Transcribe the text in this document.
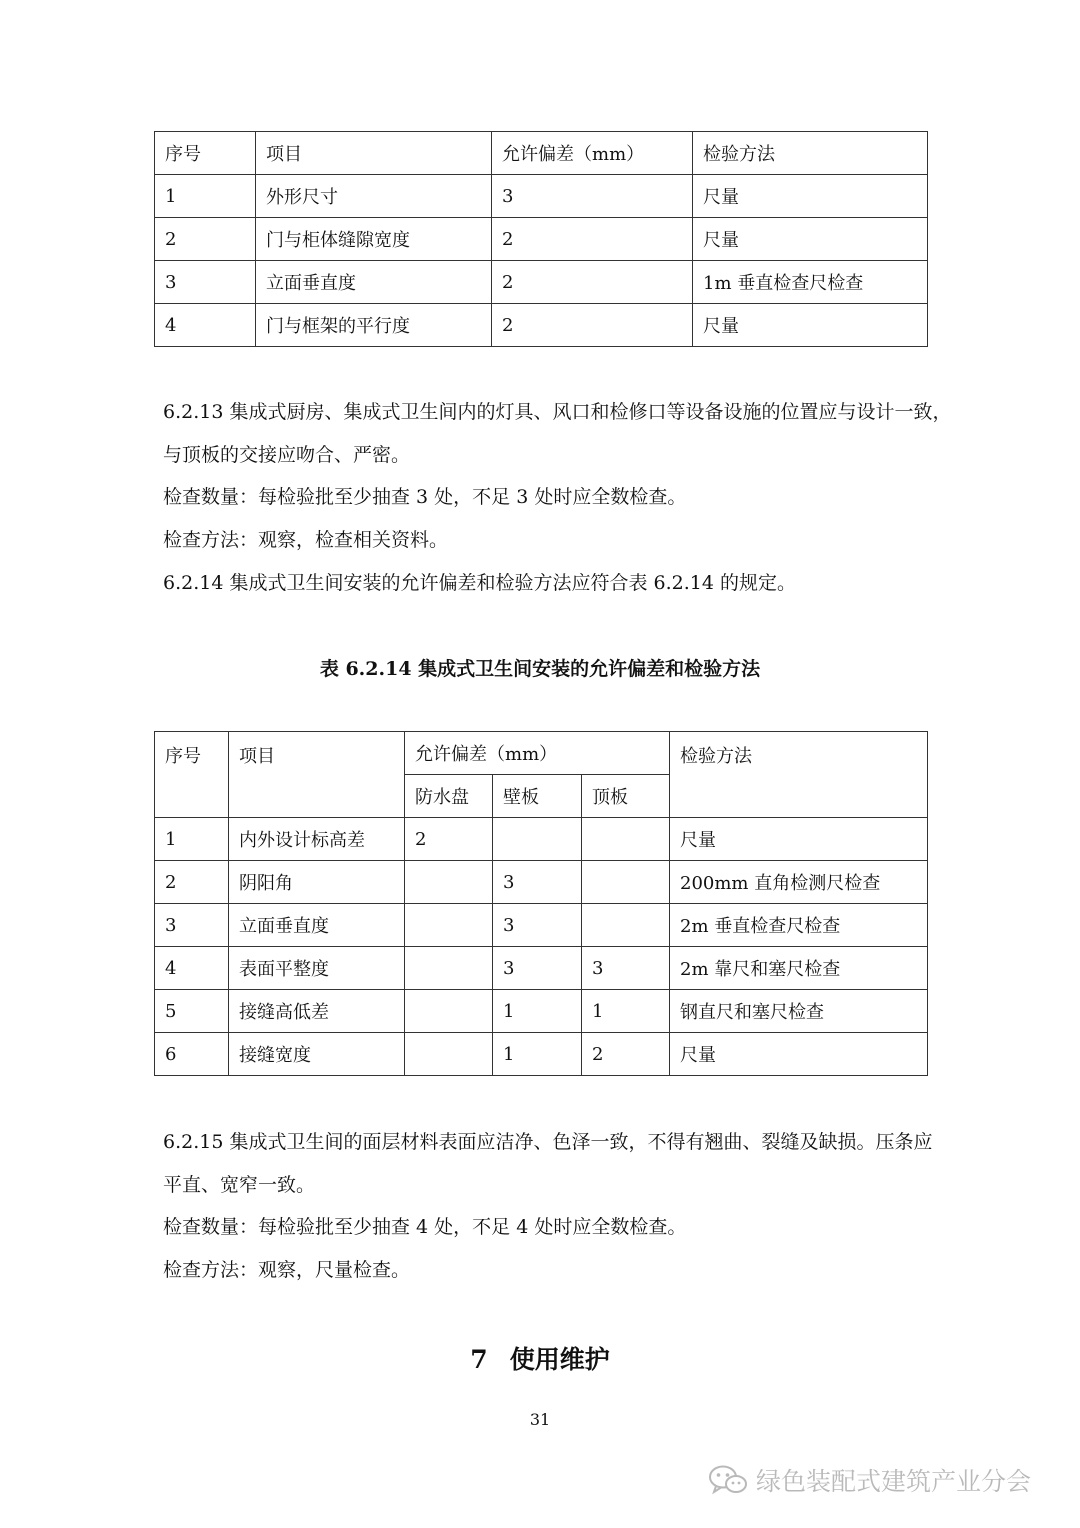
序号	项目	允许偏差（mm）	检验方法
1	外形尺寸	3	尺量
2	门与柜体缝隙宽度	2	尺量
3	立面垂直度	2	1m 垂直检查尺检查
4	门与框架的平行度	2	尺量
6.2.13 集成式厨房、集成式卫生间内的灯具、风口和检修口等设备设施的位置应与设计一致，
与顶板的交接应吻合、严密。
检查数量：每检验批至少抽查 3 处，不足 3 处时应全数检查。
检查方法：观察，检查相关资料。
6.2.14 集成式卫生间安装的允许偏差和检验方法应符合表 6.2.14 的规定。
表 6.2.14 集成式卫生间安装的允许偏差和检验方法
序号	项目	允许偏差（mm）			检验方法
		防水盘	壁板	顶板	
1	内外设计标高差	2			尺量
2	阴阳角		3		200mm 直角检测尺检查
3	立面垂直度		3		2m 垂直检查尺检查
4	表面平整度		3	3	2m 靠尺和塞尺检查
5	接缝高低差		1	1	钢直尺和塞尺检查
6	接缝宽度		1	2	尺量
6.2.15 集成式卫生间的面层材料表面应洁净、色泽一致，不得有翘曲、裂缝及缺损。压条应
平直、宽窄一致。
检查数量：每检验批至少抽查 4 处，不足 4 处时应全数检查。
检查方法：观察，尺量检查。
7 使用维护
31
绿色装配式建筑产业分会
